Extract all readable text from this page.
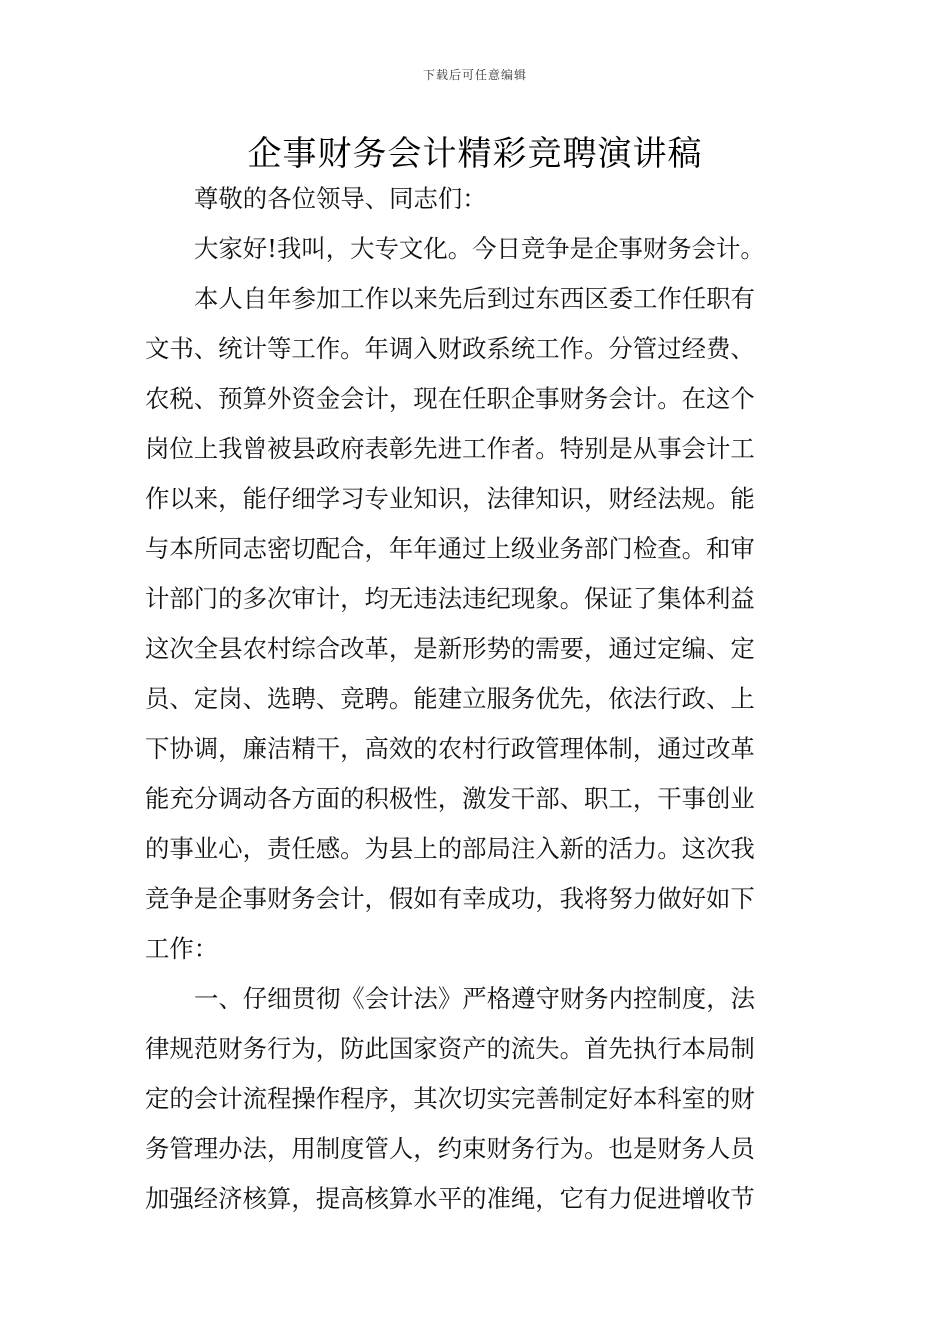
下载后可任意编辑
企事财务会计精彩竞聘演讲稿
尊敬的各位领导、同志们：
大家好!我叫，大专文化。今日竞争是企事财务会计。
本人自年参加工作以来先后到过东西区委工作任职有
文书、统计等工作。年调入财政系统工作。分管过经费、
农税、预算外资金会计，现在任职企事财务会计。在这个
岗位上我曾被县政府表彰先进工作者。特别是从事会计工
作以来，能仔细学习专业知识，法律知识，财经法规。能
与本所同志密切配合，年年通过上级业务部门检查。和审
计部门的多次审计，均无违法违纪现象。保证了集体利益
这次全县农村综合改革，是新形势的需要，通过定编、定
员、定岗、选聘、竞聘。能建立服务优先，依法行政、上
下协调，廉洁精干，高效的农村行政管理体制，通过改革
能充分调动各方面的积极性，激发干部、职工，干事创业
的事业心，责任感。为县上的部局注入新的活力。这次我
竞争是企事财务会计，假如有幸成功，我将努力做好如下
工作：
一、仔细贯彻《会计法》严格遵守财务内控制度，法
律规范财务行为，防此国家资产的流失。首先执行本局制
定的会计流程操作程序，其次切实完善制定好本科室的财
务管理办法，用制度管人，约束财务行为。也是财务人员
加强经济核算，提高核算水平的准绳，它有力促进增收节
